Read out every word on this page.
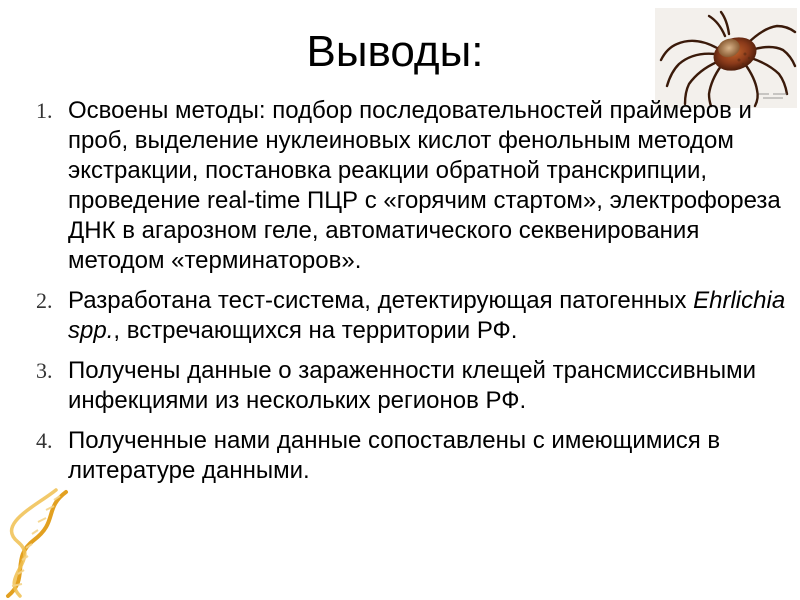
Выводы:
1. Освоены методы: подбор последовательностей праймеров и проб, выделение нуклеиновых кислот фенольным методом экстракции, постановка реакции обратной транскрипции, проведение real-time ПЦР с «горячим стартом», электрофореза ДНК в агарозном геле, автоматического секвенирования методом «терминаторов».
2. Разработана тест-система, детектирующая патогенных Ehrlichia spp., встречающихся на территории РФ.
3. Получены данные о зараженности клещей трансмиссивными инфекциями из нескольких регионов РФ.
4. Полученные нами данные сопоставлены с имеющимися в литературе данными.
